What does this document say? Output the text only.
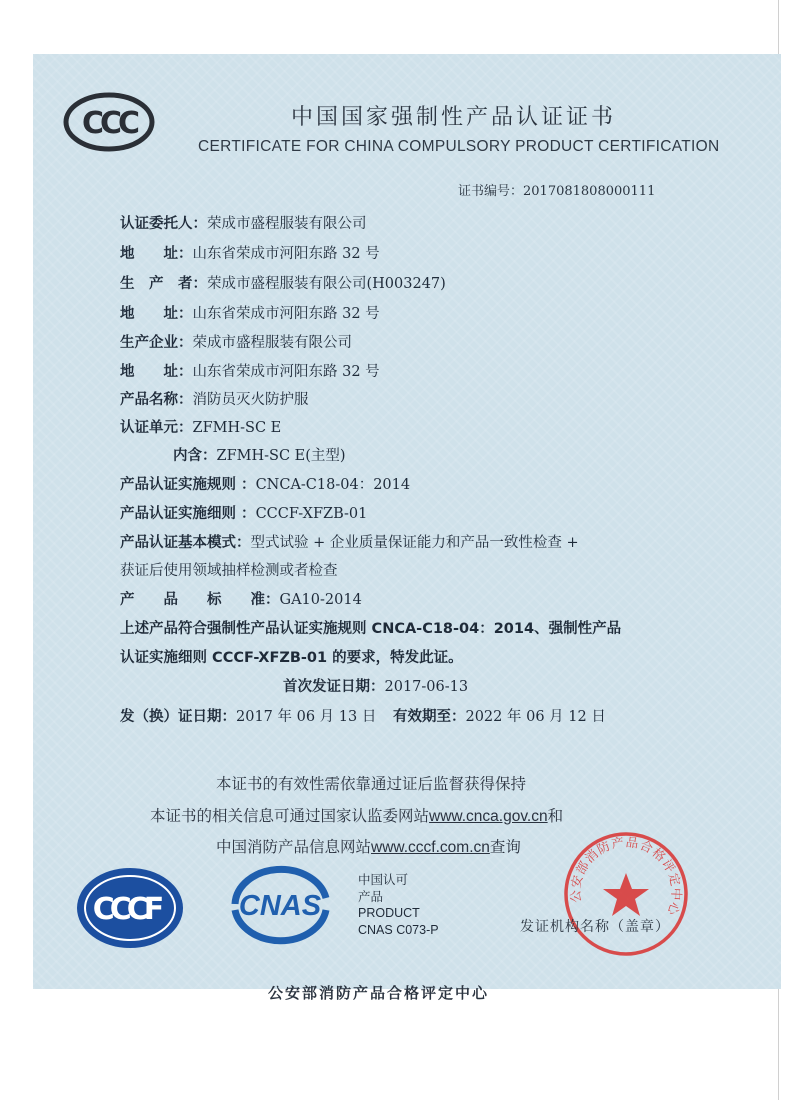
CCC	中国国家强制性产品认证证书
CERTIFICATE FOR CHINA COMPULSORY PRODUCT CERTIFICATION
证书编号：2017081808000111
认证委托人：荣成市盛程服装有限公司
地　　址：山东省荣成市河阳东路 32 号
生　产　者：荣成市盛程服装有限公司(H003247)
地　　址：山东省荣成市河阳东路 32 号
生产企业：荣成市盛程服装有限公司
地　　址：山东省荣成市河阳东路 32 号
产品名称：消防员灭火防护服
认证单元：ZFMH-SC E
内含：ZFMH-SC E(主型)
产品认证实施规则 ：CNCA-C18-04：2014
产品认证实施细则 ：CCCF-XFZB-01
产品认证基本模式：型式试验 + 企业质量保证能力和产品一致性检查 +
获证后使用领域抽样检测或者检查
产　　品　　标　　准：GA10-2014
上述产品符合强制性产品认证实施规则 CNCA-C18-04：2014、强制性产品
认证实施细则 CCCF-XFZB-01 的要求，特发此证。
首次发证日期：2017-06-13
发（换）证日期：2017 年 06 月 13 日 有效期至：2022 年 06 月 12 日
本证书的有效性需依靠通过证后监督获得保持
本证书的相关信息可通过国家认监委网站www.cnca.gov.cn和
中国消防产品信息网站www.cccf.com.cn查询
CCCF	CNAS
中国认可
产品
PRODUCT
CNAS C073-P
公安部消防产品合格评定中心
发证机构名称（盖章）
公安部消防产品合格评定中心
